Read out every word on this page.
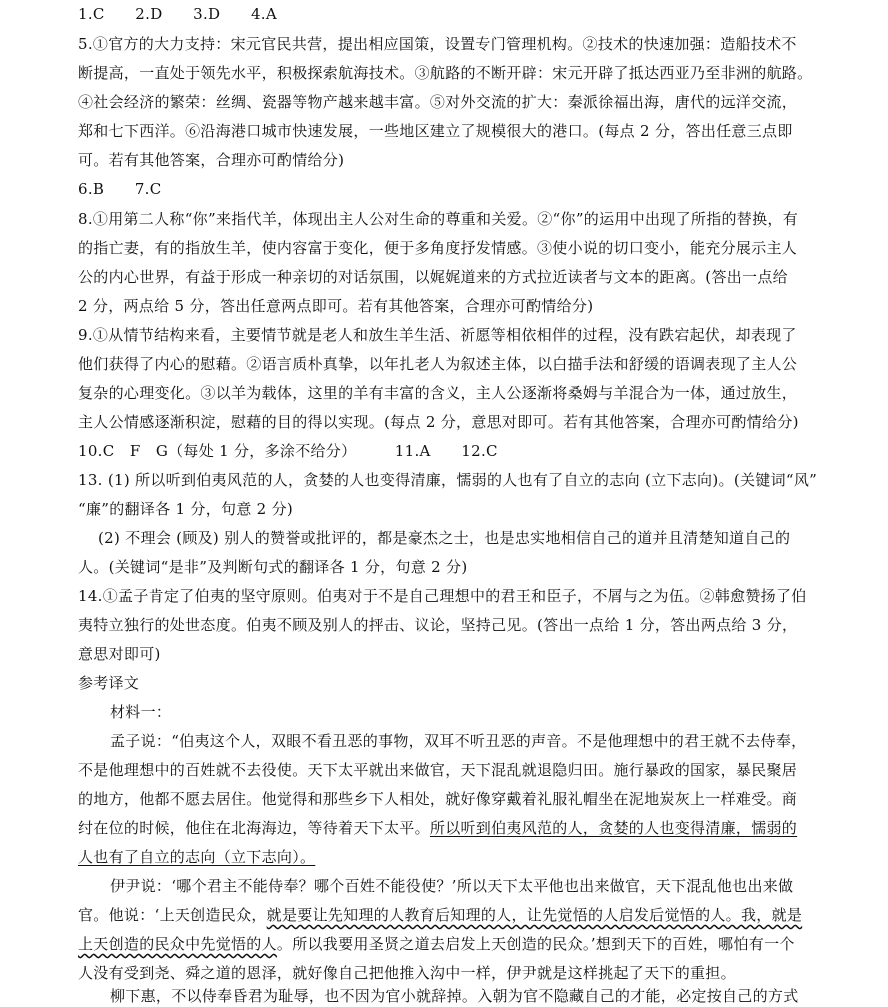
1.C　　2.D　　3.D　　4.A
5.①官方的大力支持：宋元官民共营，提出相应国策，设置专门管理机构。②技术的快速加强：造船技术不
断提高，一直处于领先水平，积极探索航海技术。③航路的不断开辟：宋元开辟了抵达西亚乃至非洲的航路。
④社会经济的繁荣：丝绸、瓷器等物产越来越丰富。⑤对外交流的扩大：秦派徐福出海，唐代的远洋交流，
郑和七下西洋。⑥沿海港口城市快速发展，一些地区建立了规模很大的港口。(每点 2 分，答出任意三点即
可。若有其他答案，合理亦可酌情给分)
6.B　　7.C
8.①用第二人称“你”来指代羊，体现出主人公对生命的尊重和关爱。②“你”的运用中出现了所指的替换，有
的指亡妻，有的指放生羊，使内容富于变化，便于多角度抒发情感。③使小说的切口变小，能充分展示主人
公的内心世界，有益于形成一种亲切的对话氛围，以娓娓道来的方式拉近读者与文本的距离。(答出一点给
2 分，两点给 5 分，答出任意两点即可。若有其他答案，合理亦可酌情给分)
9.①从情节结构来看，主要情节就是老人和放生羊生活、祈愿等相依相伴的过程，没有跌宕起伏，却表现了
他们获得了内心的慰藉。②语言质朴真挚，以年扎老人为叙述主体，以白描手法和舒缓的语调表现了主人公
复杂的心理变化。③以羊为载体，这里的羊有丰富的含义，主人公逐渐将桑姆与羊混合为一体，通过放生，
主人公情感逐渐积淀，慰藉的目的得以实现。(每点 2 分，意思对即可。若有其他答案，合理亦可酌情给分)
10.C　F　G（每处 1 分，多涂不给分）　　　11.A　　12.C
13. (1) 所以听到伯夷风范的人，贪婪的人也变得清廉，懦弱的人也有了自立的志向 (立下志向)。(关键词“风”
“廉”的翻译各 1 分，句意 2 分)
(2) 不理会 (顾及) 别人的赞誉或批评的，都是豪杰之士，也是忠实地相信自己的道并且清楚知道自己的
人。(关键词“是非”及判断句式的翻译各 1 分，句意 2 分)
14.①孟子肯定了伯夷的坚守原则。伯夷对于不是自己理想中的君王和臣子，不屑与之为伍。②韩愈赞扬了伯
夷特立独行的处世态度。伯夷不顾及别人的抨击、议论，坚持己见。(答出一点给 1 分，答出两点给 3 分，
意思对即可)
参考译文
材料一：
孟子说：“伯夷这个人，双眼不看丑恶的事物，双耳不听丑恶的声音。不是他理想中的君王就不去侍奉，
不是他理想中的百姓就不去役使。天下太平就出来做官，天下混乱就退隐归田。施行暴政的国家，暴民聚居
的地方，他都不愿去居住。他觉得和那些乡下人相处，就好像穿戴着礼服礼帽坐在泥地炭灰上一样难受。商
纣在位的时候，他住在北海海边，等待着天下太平。所以听到伯夷风范的人，贪婪的人也变得清廉，懦弱的
人也有了自立的志向（立下志向）。
伊尹说：‘哪个君主不能侍奉？哪个百姓不能役使？’所以天下太平他也出来做官，天下混乱他也出来做
官。他说：‘上天创造民众，就是要让先知理的人教育后知理的人，让先觉悟的人启发后觉悟的人。我，就是
上天创造的民众中先觉悟的人。所以我要用圣贤之道去启发上天创造的民众。’想到天下的百姓，哪怕有一个
人没有受到尧、舜之道的恩泽，就好像自己把他推入沟中一样，伊尹就是这样挑起了天下的重担。
柳下惠，不以侍奉昏君为耻辱，也不因为官小就辞掉。入朝为官不隐藏自己的才能，必定按自己的方式
